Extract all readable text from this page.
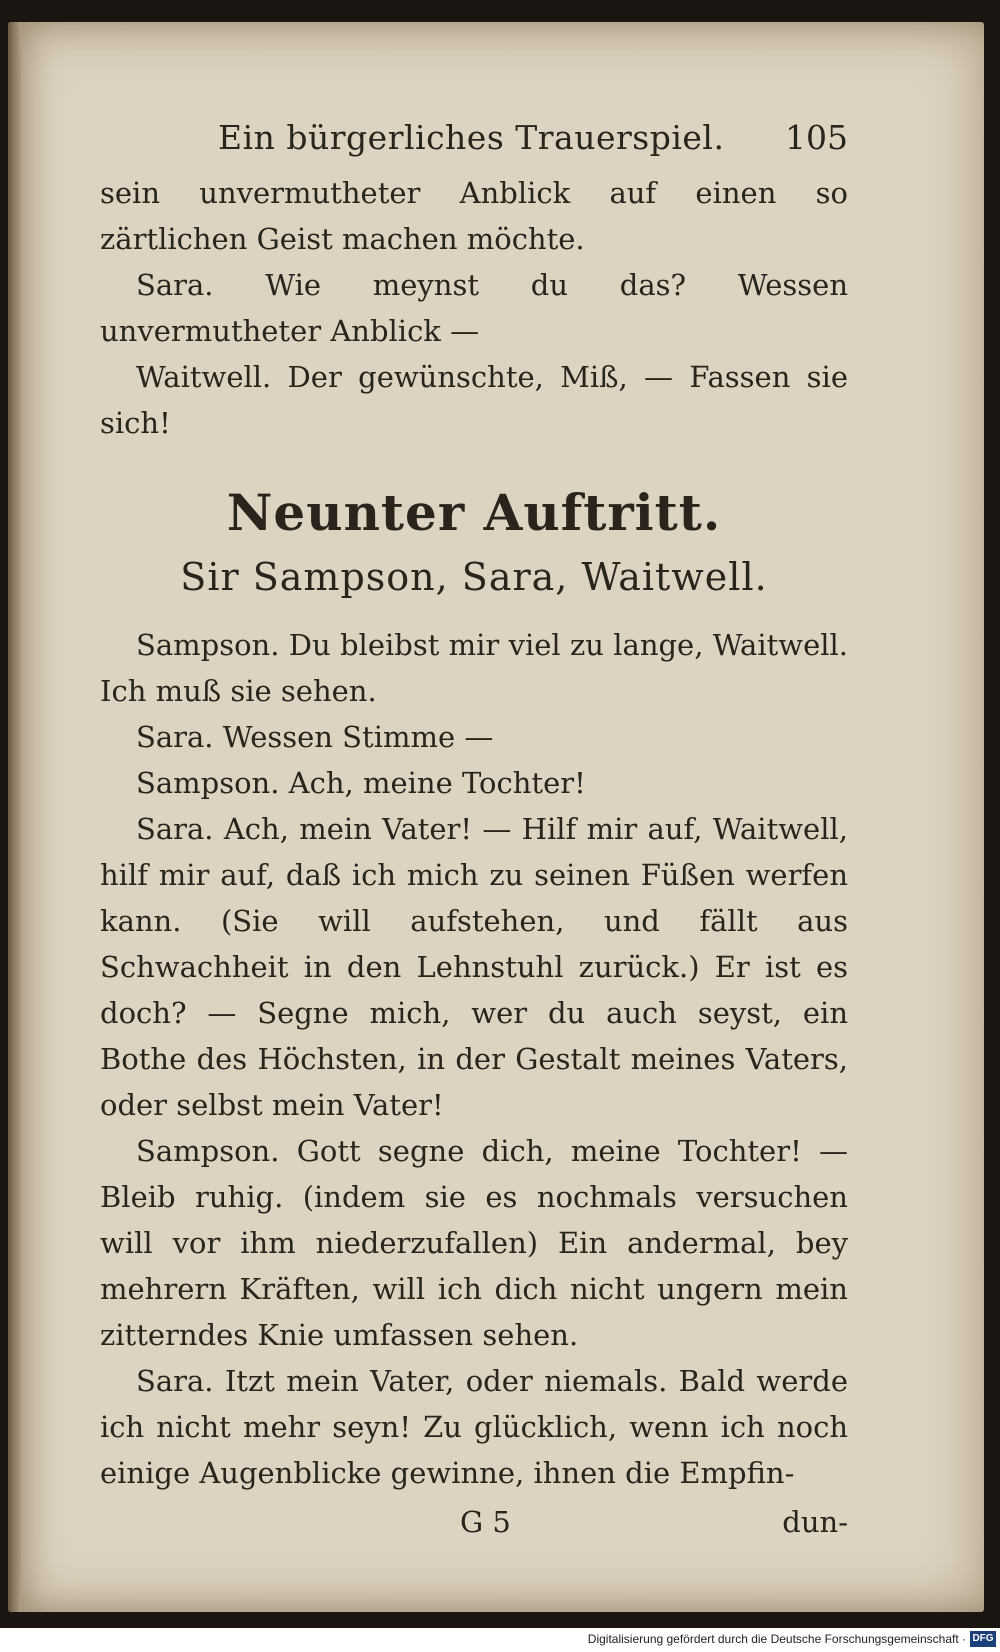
Ein bürgerliches Trauerspiel. 105

sein unvermutheter Anblick auf einen so zärtlichen Geist machen möchte.

Sara. Wie meynst du das? Wessen unvermutheter Anblick —

Waitwell. Der gewünschte, Miß, — Fassen sie sich!

Neunter Auftritt.
Sir Sampson, Sara, Waitwell.

Sampson. Du bleibst mir viel zu lange, Waitwell. Ich muß sie sehen.

Sara. Wessen Stimme —

Sampson. Ach, meine Tochter!

Sara. Ach, mein Vater! — Hilf mir auf, Waitwell, hilf mir auf, daß ich mich zu seinen Füßen werfen kann. (Sie will aufstehen, und fällt aus Schwachheit in den Lehnstuhl zurück.) Er ist es doch? — Segne mich, wer du auch seyst, ein Bothe des Höchsten, in der Gestalt meines Vaters, oder selbst mein Vater!

Sampson. Gott segne dich, meine Tochter! — Bleib ruhig. (indem sie es nochmals versuchen will vor ihm niederzufallen) Ein andermal, bey mehrern Kräften, will ich dich nicht ungern mein zitterndes Knie umfassen sehen.

Sara. Itzt mein Vater, oder niemals. Bald werde ich nicht mehr seyn! Zu glücklich, wenn ich noch einige Augenblicke gewinne, ihnen die Empfin-

G 5	dun-
Digitalisierung gefördert durch die Deutsche Forschungsgemeinschaft · DFG
